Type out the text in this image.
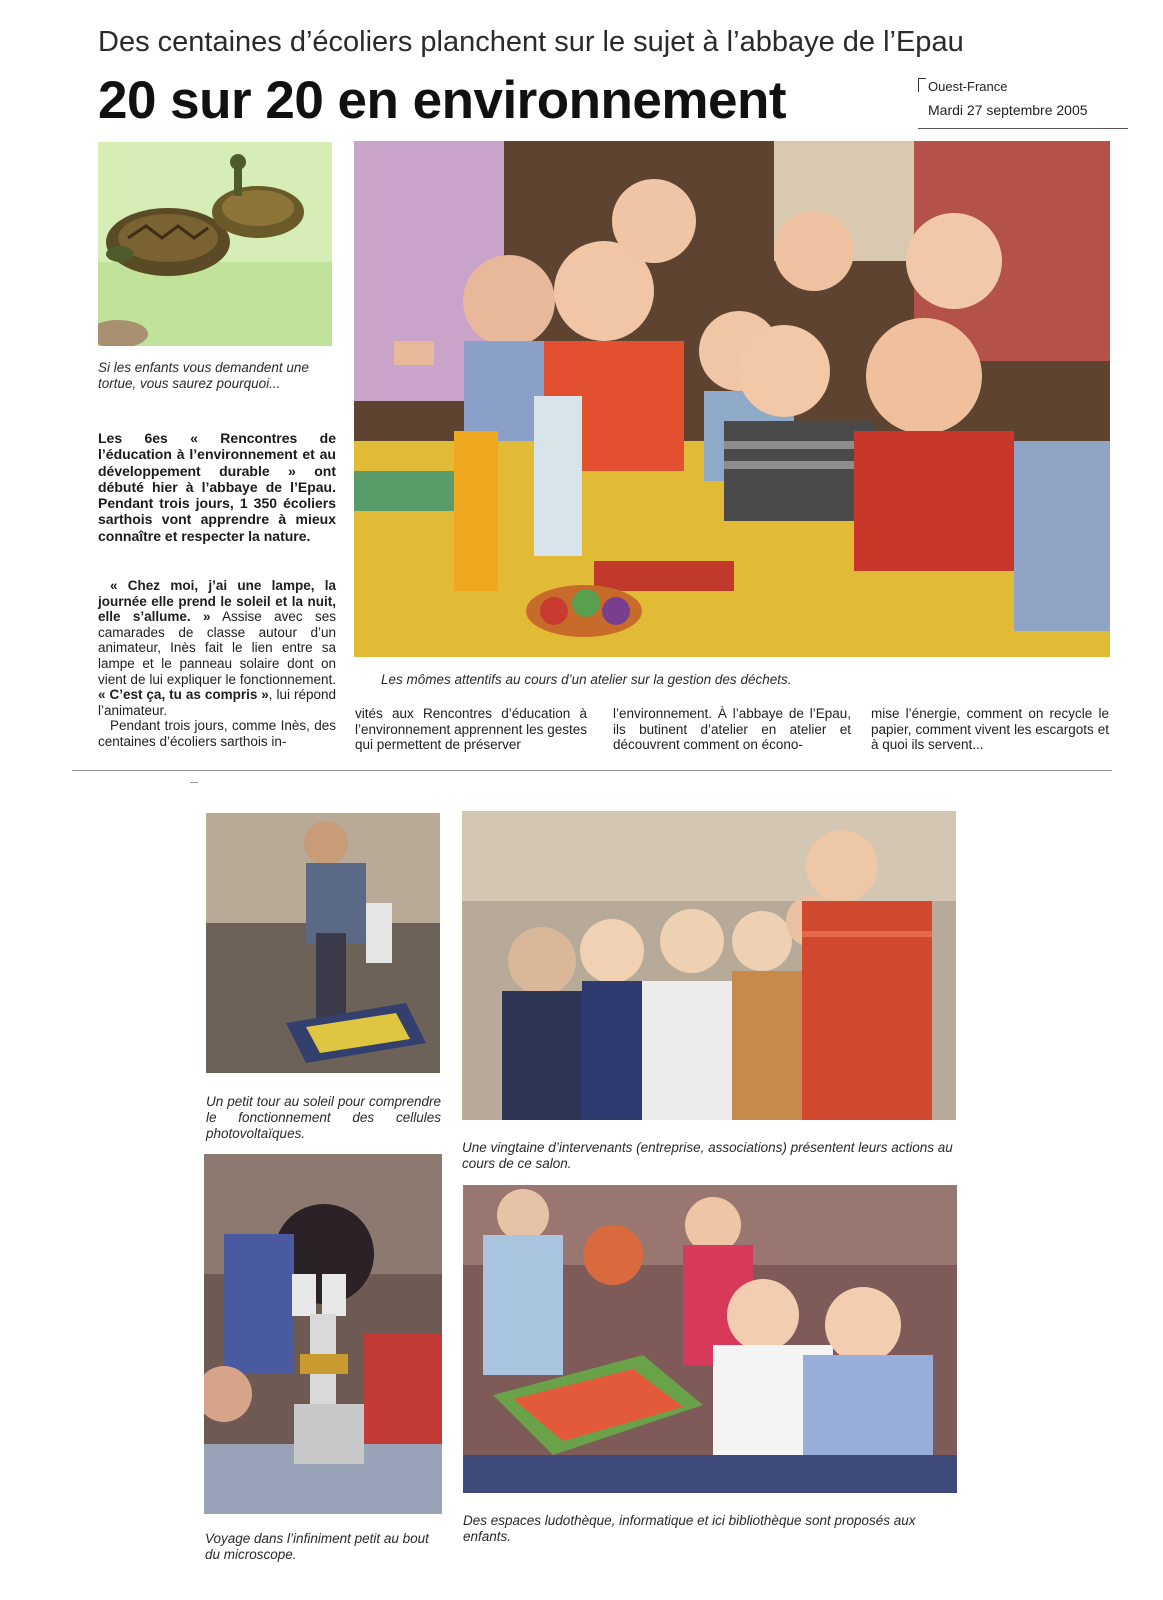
Des centaines d’écoliers planchent sur le sujet à l’abbaye de l’Epau
20 sur 20 en environnement	Ouest-France
Mardi 27 septembre 2005
Si les enfants vous demandent une tortue, vous saurez pourquoi...
Les mômes attentifs au cours d’un atelier sur la gestion des déchets.
Les 6es « Rencontres de l’éducation à l’environnement et au développement durable » ont débuté hier à l’abbaye de l’Epau. Pendant trois jours, 1 350 écoliers sarthois vont apprendre à mieux connaître et respecter la nature.

« Chez moi, j’ai une lampe, la journée elle prend le soleil et la nuit, elle s’allume. » Assise avec ses camarades de classe autour d’un animateur, Inès fait le lien entre sa lampe et le panneau solaire dont on vient de lui expliquer le fonctionnement. « C’est ça, tu as compris », lui répond l’animateur.

Pendant trois jours, comme Inès, des centaines d’écoliers sarthois in-

vités aux Rencontres d’éducation à l’environnement apprennent les gestes qui permettent de préserver
l’environnement. À l’abbaye de l’Epau, ils butinent d’atelier en atelier et découvrent comment on écono-
mise l’énergie, comment on recycle le papier, comment vivent les escargots et à quoi ils servent...
Un petit tour au soleil pour comprendre le fonctionnement des cellules photovoltaïques.
Une vingtaine d’intervenants (entreprise, associations) présentent leurs actions au cours de ce salon.
Voyage dans l’infiniment petit au bout du microscope.
Des espaces ludothèque, informatique et ici bibliothèque sont proposés aux enfants.
